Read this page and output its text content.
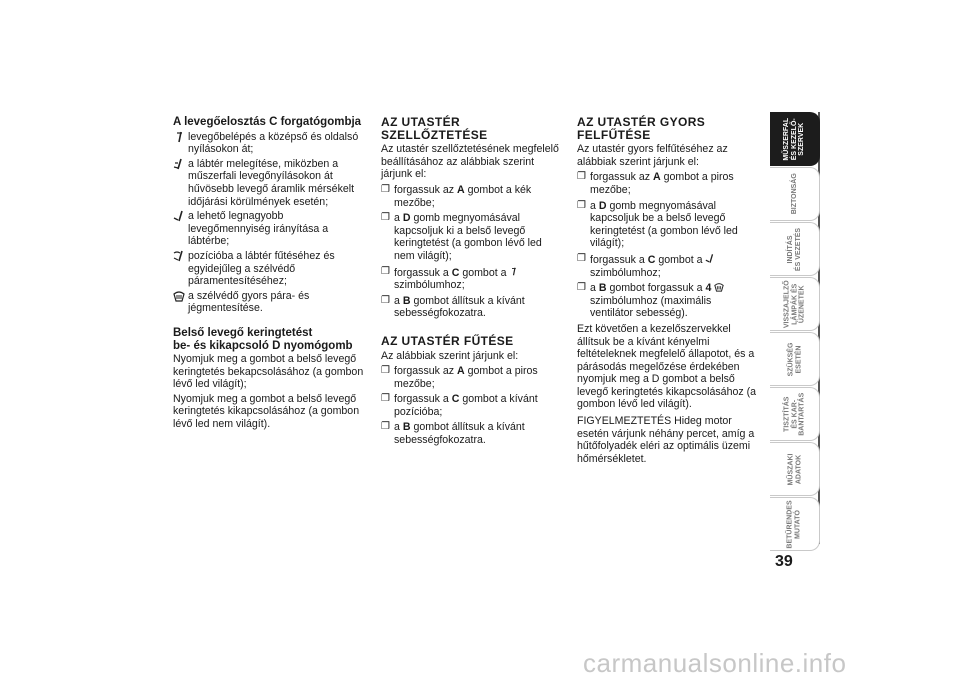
A levegőelosztás C forgatógombja

levegőbelépés a középső és oldalsó nyílásokon át;
a lábtér melegítése, miközben a műszerfali levegőnyílásokon át hűvösebb levegő áramlik mérsékelt időjárási körülmények esetén;
a lehető legnagyobb levegőmennyiség irányítása a lábtérbe;
pozícióba a lábtér fűtéséhez és egyidejűleg a szélvédő páramentesítéséhez;
a szélvédő gyors pára- és jégmentesítése.

Belső levegő keringtetést
be- és kikapcsoló D nyomógomb

Nyomjuk meg a gombot a belső levegő keringtetés bekapcsolásához (a gombon lévő led világít);

Nyomjuk meg a gombot a belső levegő keringtetés kikapcsolásához (a gombon lévő led nem világít).

AZ UTASTÉR SZELLŐZTETÉSE

Az utastér szellőztetésének megfelelő beállításához az alábbiak szerint járjunk el:

❐ forgassuk az A gombot a kék mezőbe;
❐ a D gomb megnyomásával kapcsoljuk ki a belső levegő keringtetést (a gombon lévő led nem világít);
❐ forgassuk a C gombot a  szimbólumhoz;
❐ a B gombot állítsuk a kívánt sebességfokozatra.

AZ UTASTÉR FŰTÉSE

Az alábbiak szerint járjunk el:

❐ forgassuk az A gombot a piros mezőbe;
❐ forgassuk a C gombot a kívánt pozícióba;
❐ a B gombot állítsuk a kívánt sebességfokozatra.

AZ UTASTÉR GYORS
FELFŰTÉSE

Az utastér gyors felfűtéséhez az alábbiak szerint járjunk el:

❐ forgassuk az A gombot a piros mezőbe;
❐ a D gomb megnyomásával kapcsoljuk be a belső levegő keringtetést (a gombon lévő led világít);
❐ forgassuk a C gombot a  szimbólumhoz;
❐ a B gombot forgassuk a 4  szimbólumhoz (maximális ventilátor sebesség).

Ezt követően a kezelőszervekkel állítsuk be a kívánt kényelmi feltételeknek megfelelő állapotot, és a párásodás megelőzése érdekében nyomjuk meg a D gombot a belső levegő keringtetés kikapcsolásához (a gombon lévő led világít).

FIGYELMEZTETÉS Hideg motor esetén várjunk néhány percet, amíg a hűtőfolyadék eléri az optimális üzemi hőmérsékletet.

MŰSZERFAL
ÉS KEZELŐ-
SZERVEK
BIZTONSÁG
INDÍTÁS
ÉS VEZETÉS
VISSZAJELZŐ
LÁMPÁK ÉS
ÜZENETEK
SZÜKSÉG
ESETÉN
TISZTÍTÁS
ÉS KAR-
BANTARTÁS
MŰSZAKI
ADATOK
BETŰRENDES
MUTATÓ
39
carmanualsonline.info
